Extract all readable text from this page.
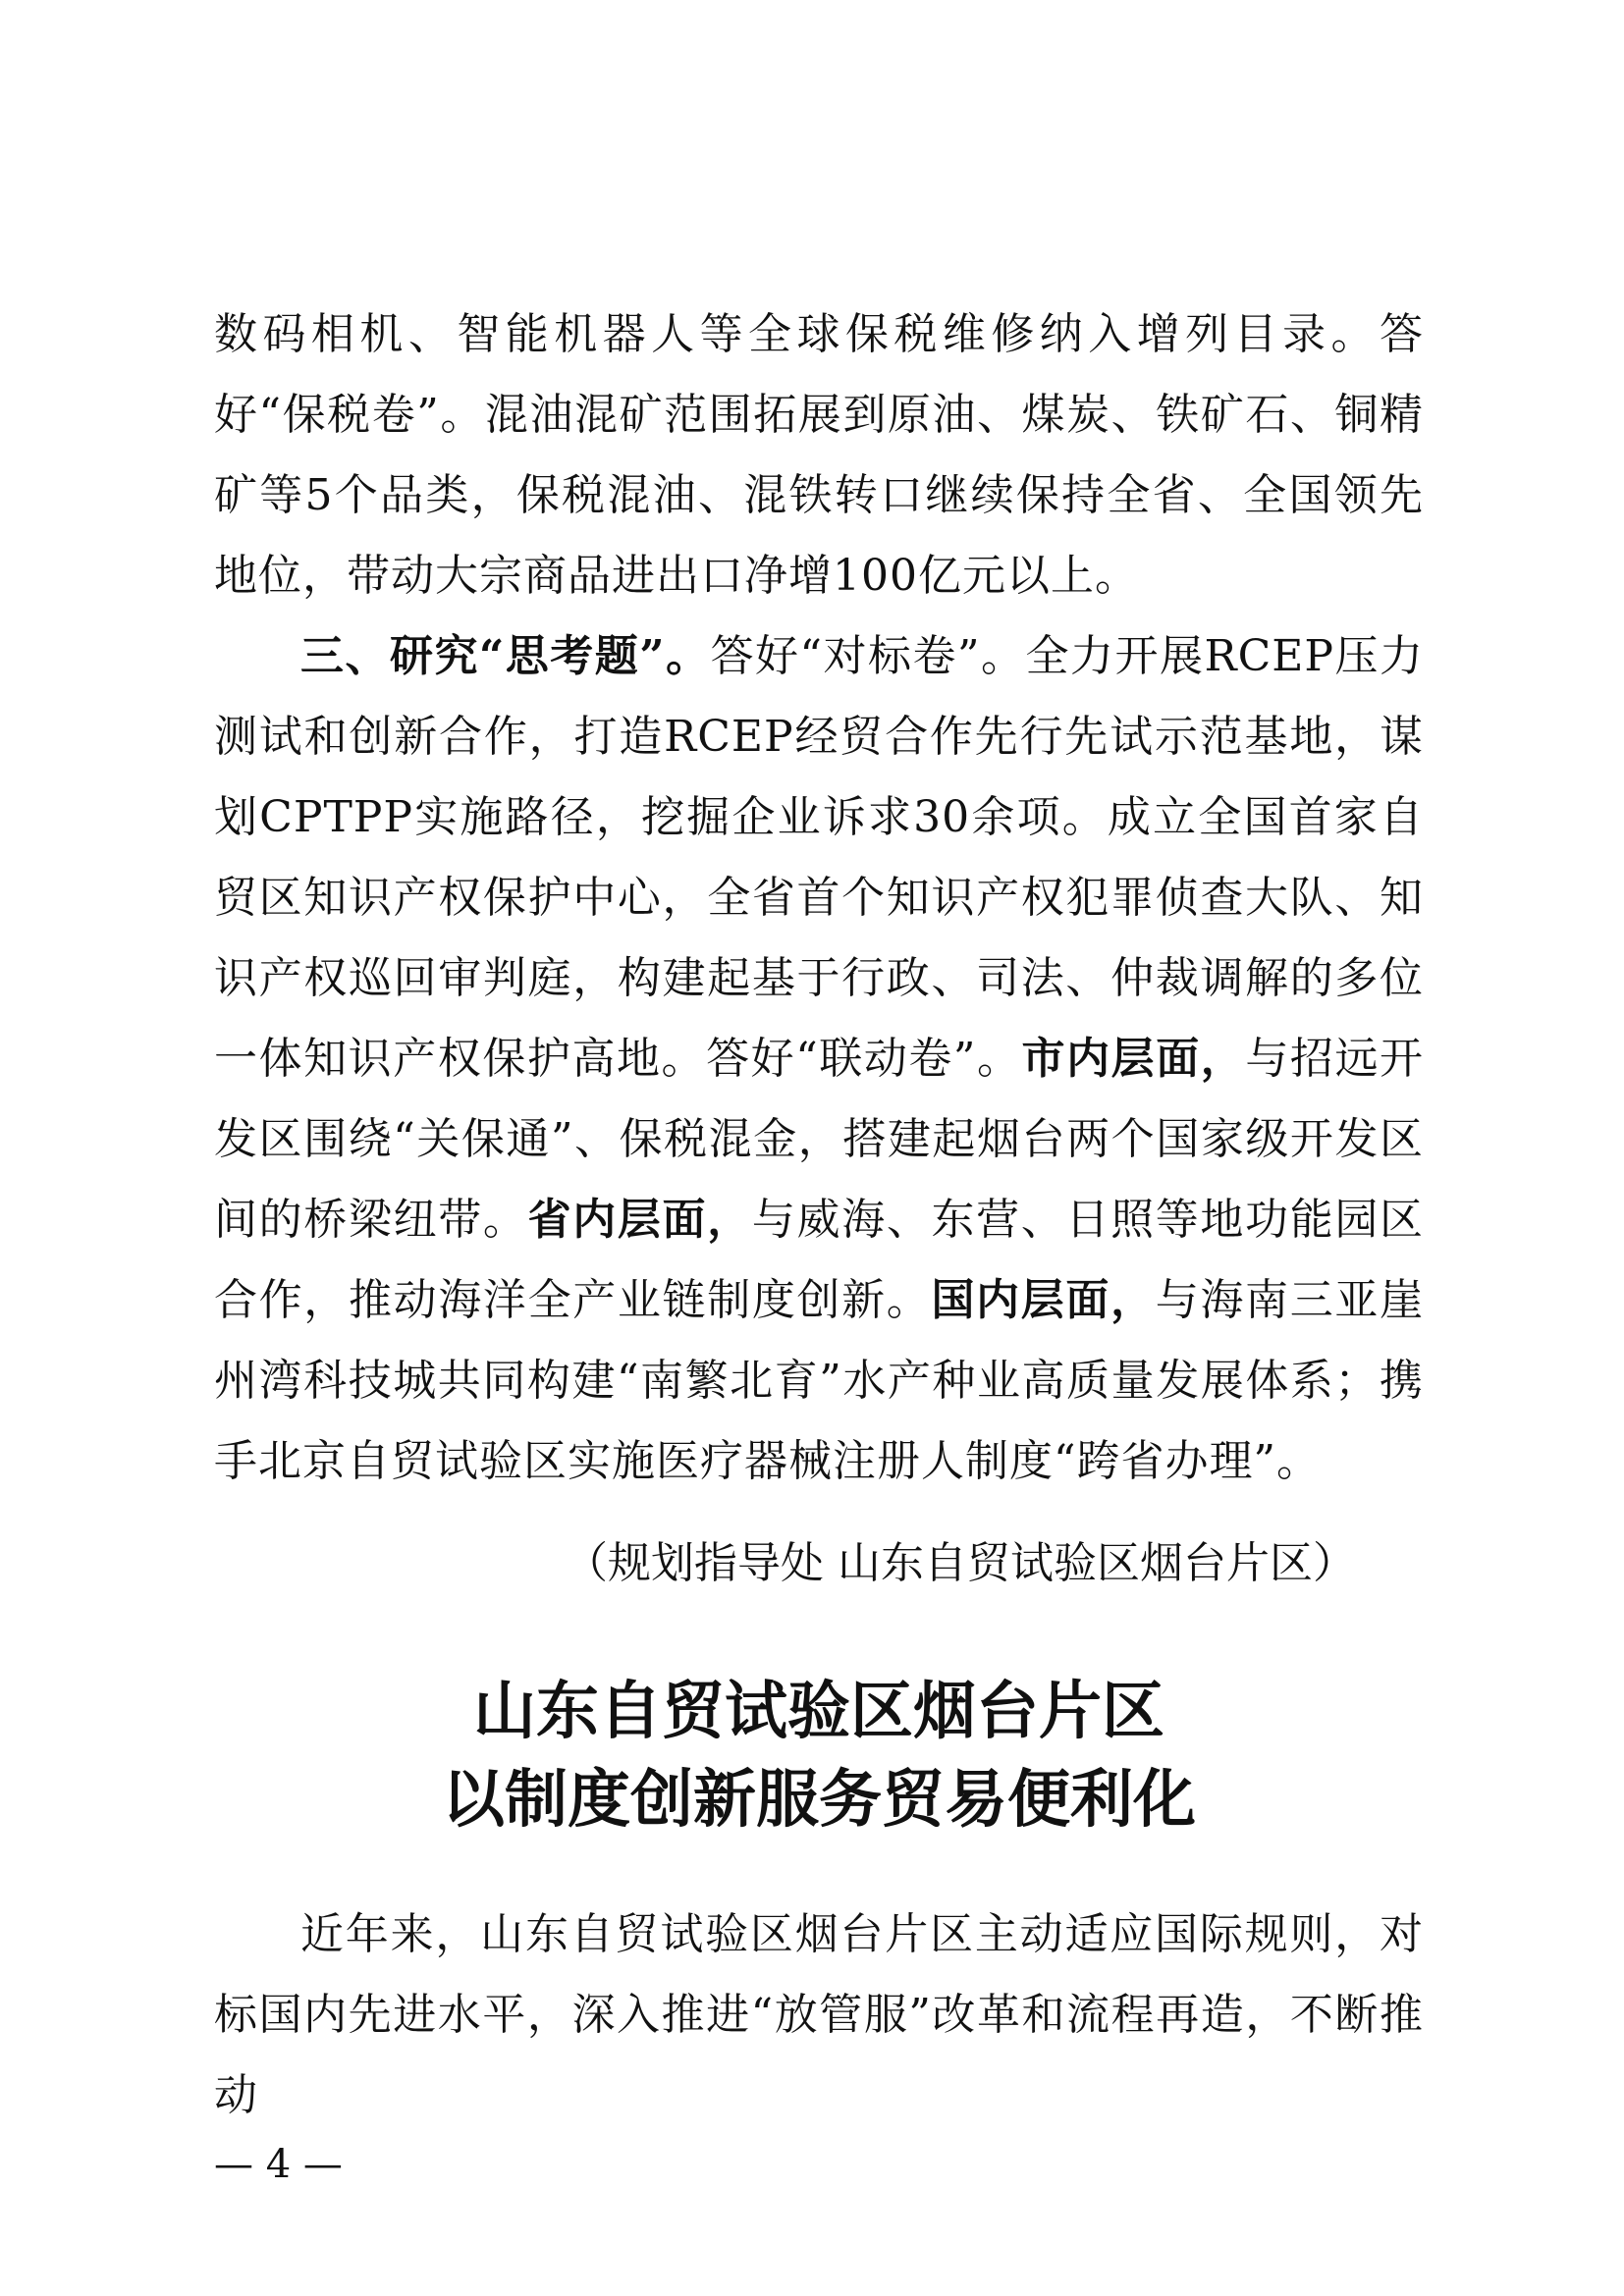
数码相机、智能机器人等全球保税维修纳入增列目录。答好“保税卷”。混油混矿范围拓展到原油、煤炭、铁矿石、铜精矿等5个品类，保税混油、混铁转口继续保持全省、全国领先地位，带动大宗商品进出口净增100亿元以上。

三、研究“思考题”。答好“对标卷”。全力开展RCEP压力测试和创新合作，打造RCEP经贸合作先行先试示范基地，谋划CPTPP实施路径，挖掘企业诉求30余项。成立全国首家自贸区知识产权保护中心，全省首个知识产权犯罪侦查大队、知识产权巡回审判庭，构建起基于行政、司法、仲裁调解的多位一体知识产权保护高地。答好“联动卷”。市内层面，与招远开发区围绕“关保通”、保税混金，搭建起烟台两个国家级开发区间的桥梁纽带。省内层面，与威海、东营、日照等地功能园区合作，推动海洋全产业链制度创新。国内层面，与海南三亚崖州湾科技城共同构建“南繁北育”水产种业高质量发展体系；携手北京自贸试验区实施医疗器械注册人制度“跨省办理”。

（规划指导处 山东自贸试验区烟台片区）

山东自贸试验区烟台片区
以制度创新服务贸易便利化

近年来，山东自贸试验区烟台片区主动适应国际规则，对标国内先进水平，深入推进“放管服”改革和流程再造，不断推动

— 4 —
